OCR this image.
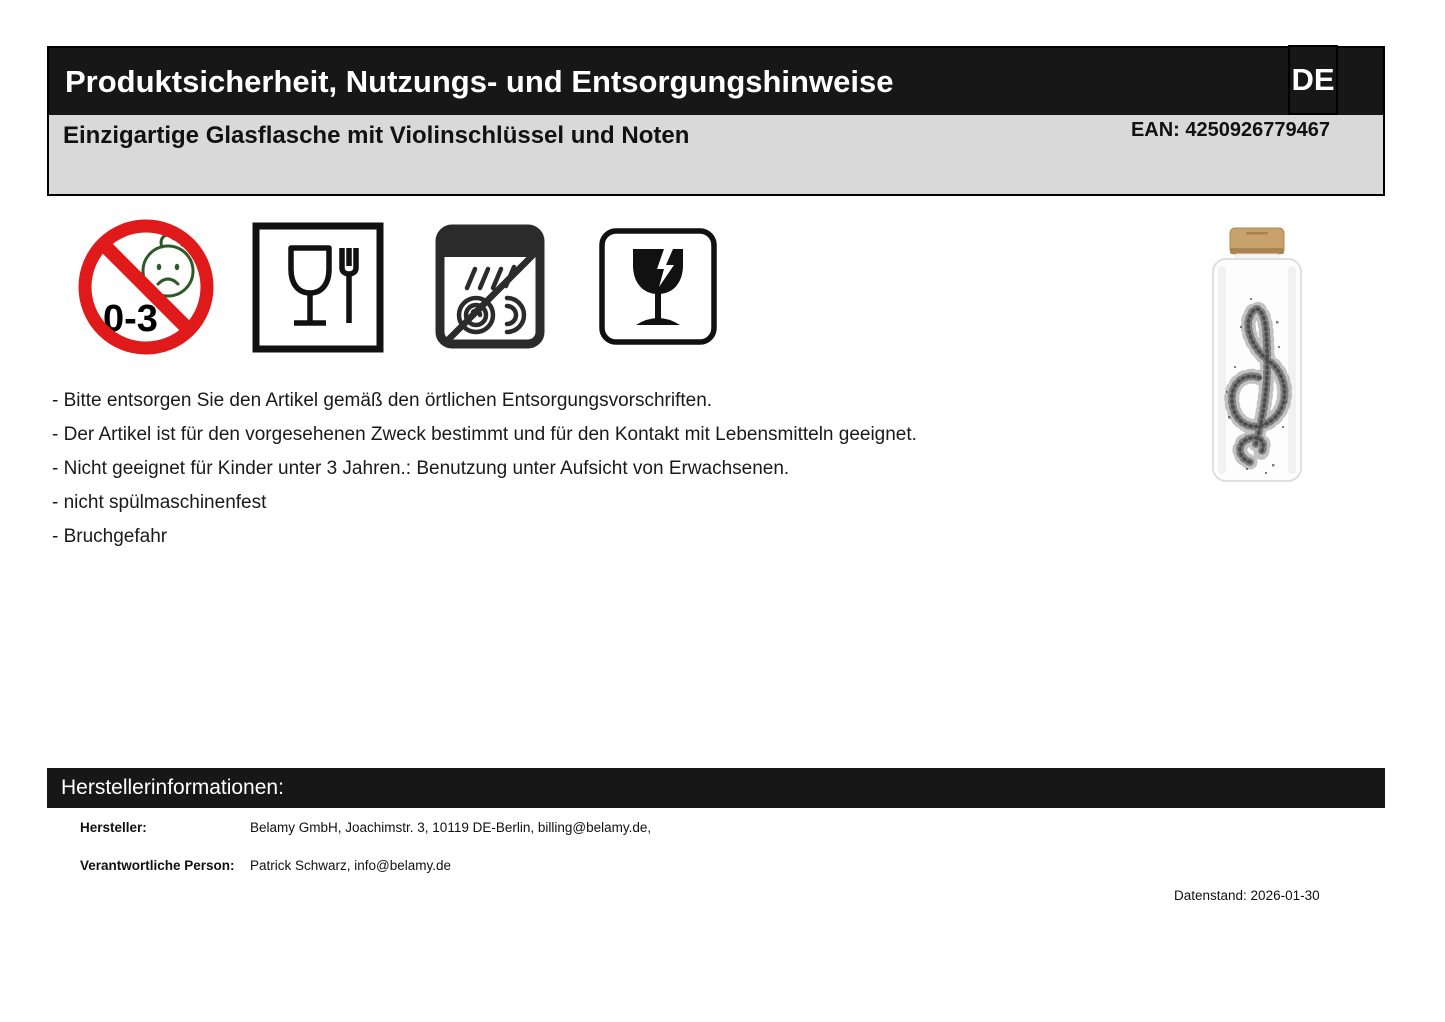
Produktsicherheit, Nutzungs- und Entsorgungshinweise	DE
Einzigartige Glasflasche mit Violinschlüssel und Noten	EAN: 4250926779467
0-3
- Bitte entsorgen Sie den Artikel gemäß den örtlichen Entsorgungsvorschriften.
- Der Artikel ist für den vorgesehenen Zweck bestimmt und für den Kontakt mit Lebensmitteln geeignet.
- Nicht geeignet für Kinder unter 3 Jahren.: Benutzung unter Aufsicht von Erwachsenen.
- nicht spülmaschinenfest
- Bruchgefahr
Herstellerinformationen:
Hersteller:	Belamy GmbH, Joachimstr. 3, 10119 DE-Berlin, billing@belamy.de,
Verantwortliche Person: Patrick Schwarz, info@belamy.de
Datenstand: 2026-01-30
